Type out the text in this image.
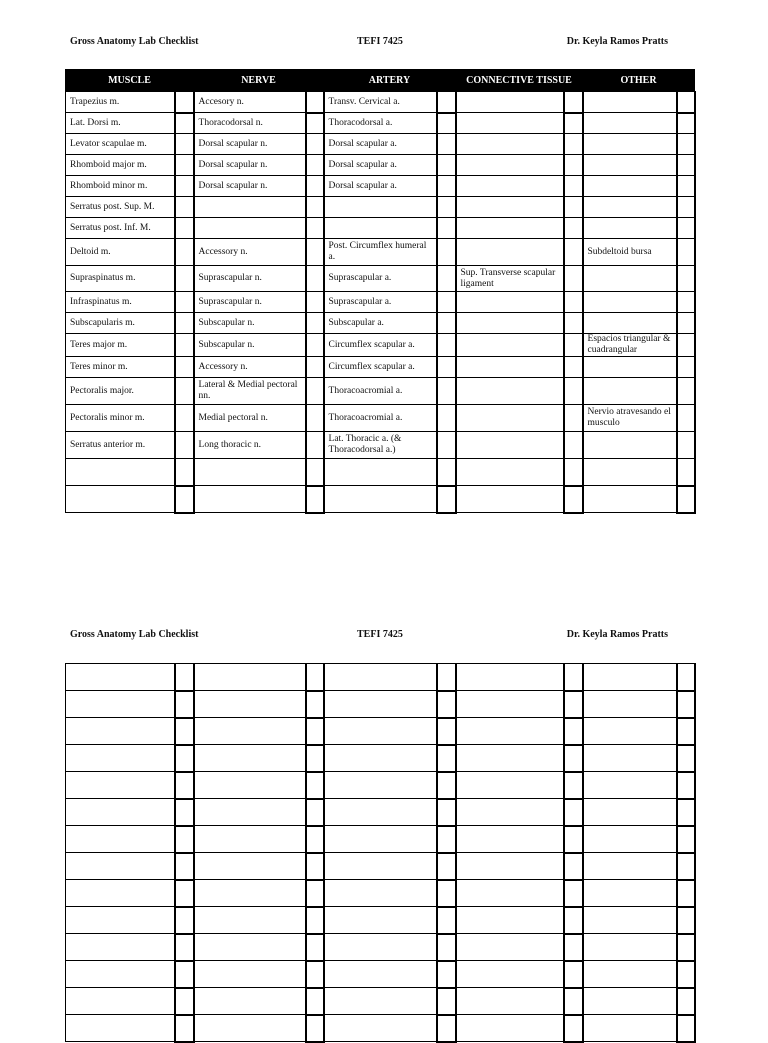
Gross Anatomy Lab Checklist	TEFI 7425	Dr. Keyla Ramos Pratts
MUSCLE		NERVE		ARTERY		CONNECTIVE TISSUE		OTHER	
Trapezius m.		Accesory n.		Transv. Cervical a.					
Lat. Dorsi m.		Thoracodorsal n.		Thoracodorsal a.					
Levator scapulae m.		Dorsal scapular n.		Dorsal scapular a.					
Rhomboid major m.		Dorsal scapular n.		Dorsal scapular a.					
Rhomboid minor m.		Dorsal scapular n.		Dorsal scapular a.					
Serratus post. Sup. M.									
Serratus post. Inf. M.									
Deltoid m.		Accessory n.		Post. Circumflex humeral a.				Subdeltoid bursa	
Supraspinatus m.		Suprascapular n.		Suprascapular a.		Sup. Transverse scapular ligament			
Infraspinatus m.		Suprascapular n.		Suprascapular a.					
Subscapularis m.		Subscapular n.		Subscapular a.					
Teres major m.		Subscapular n.		Circumflex scapular a.				Espacios triangular & cuadrangular	
Teres minor m.		Accessory n.		Circumflex scapular a.					
Pectoralis major.		Lateral & Medial pectoral nn.		Thoracoacromial a.					
Pectoralis minor m.		Medial pectoral n.		Thoracoacromial a.				Nervio atravesando el musculo	
Serratus anterior m.		Long thoracic n.		Lat. Thoracic a. (& Thoracodorsal a.)					

Gross Anatomy Lab Checklist	TEFI 7425	Dr. Keyla Ramos Pratts
